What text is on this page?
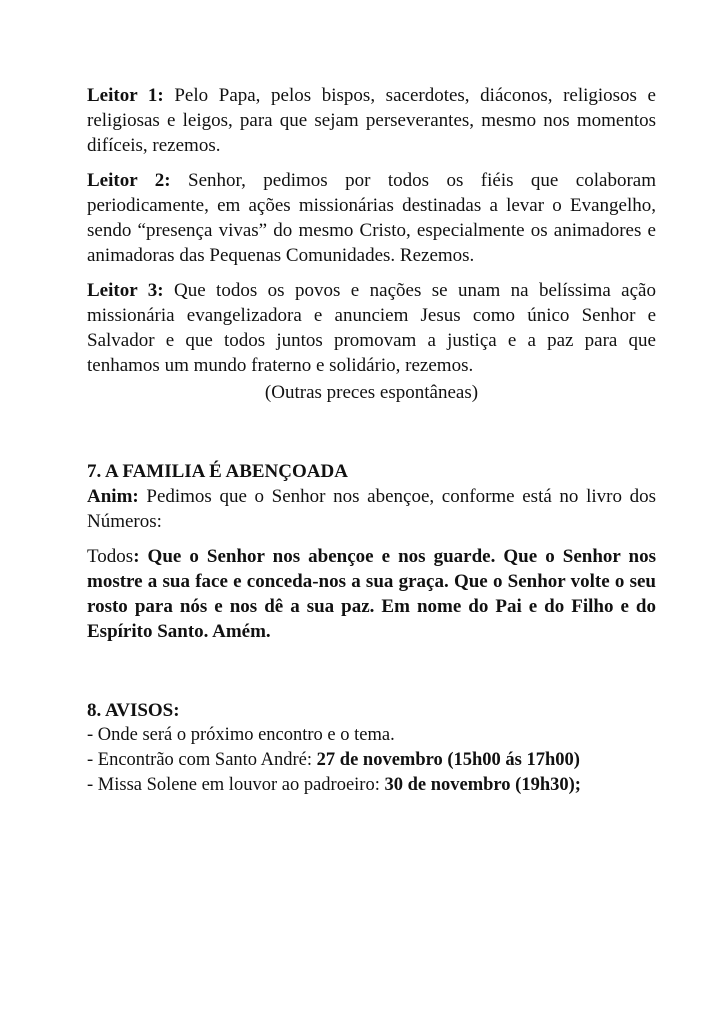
Leitor 1: Pelo Papa, pelos bispos, sacerdotes, diáconos, religiosos e religiosas e leigos, para que sejam perseverantes, mesmo nos momentos difíceis, rezemos.

Leitor 2: Senhor, pedimos por todos os fiéis que colaboram periodicamente, em ações missionárias destinadas a levar o Evangelho, sendo “presença vivas” do mesmo Cristo, especialmente os animadores e animadoras das Pequenas Comunidades. Rezemos.

Leitor 3: Que todos os povos e nações se unam na belíssima ação missionária evangelizadora e anunciem Jesus como único Senhor e Salvador e que todos juntos promovam a justiça e a paz para que tenhamos um mundo fraterno e solidário, rezemos.

(Outras preces espontâneas)

7. A FAMILIA É ABENÇOADA

Anim: Pedimos que o Senhor nos abençoe, conforme está no livro dos Números:

Todos: Que o Senhor nos abençoe e nos guarde. Que o Senhor nos mostre a sua face e conceda-nos a sua graça. Que o Senhor volte o seu rosto para nós e nos dê a sua paz. Em nome do Pai e do Filho e do Espírito Santo. Amém.

8. AVISOS:

- Onde será o próximo encontro e o tema.

- Encontrão com Santo André: 27 de novembro (15h00 ás 17h00)

- Missa Solene em louvor ao padroeiro: 30 de novembro (19h30);
